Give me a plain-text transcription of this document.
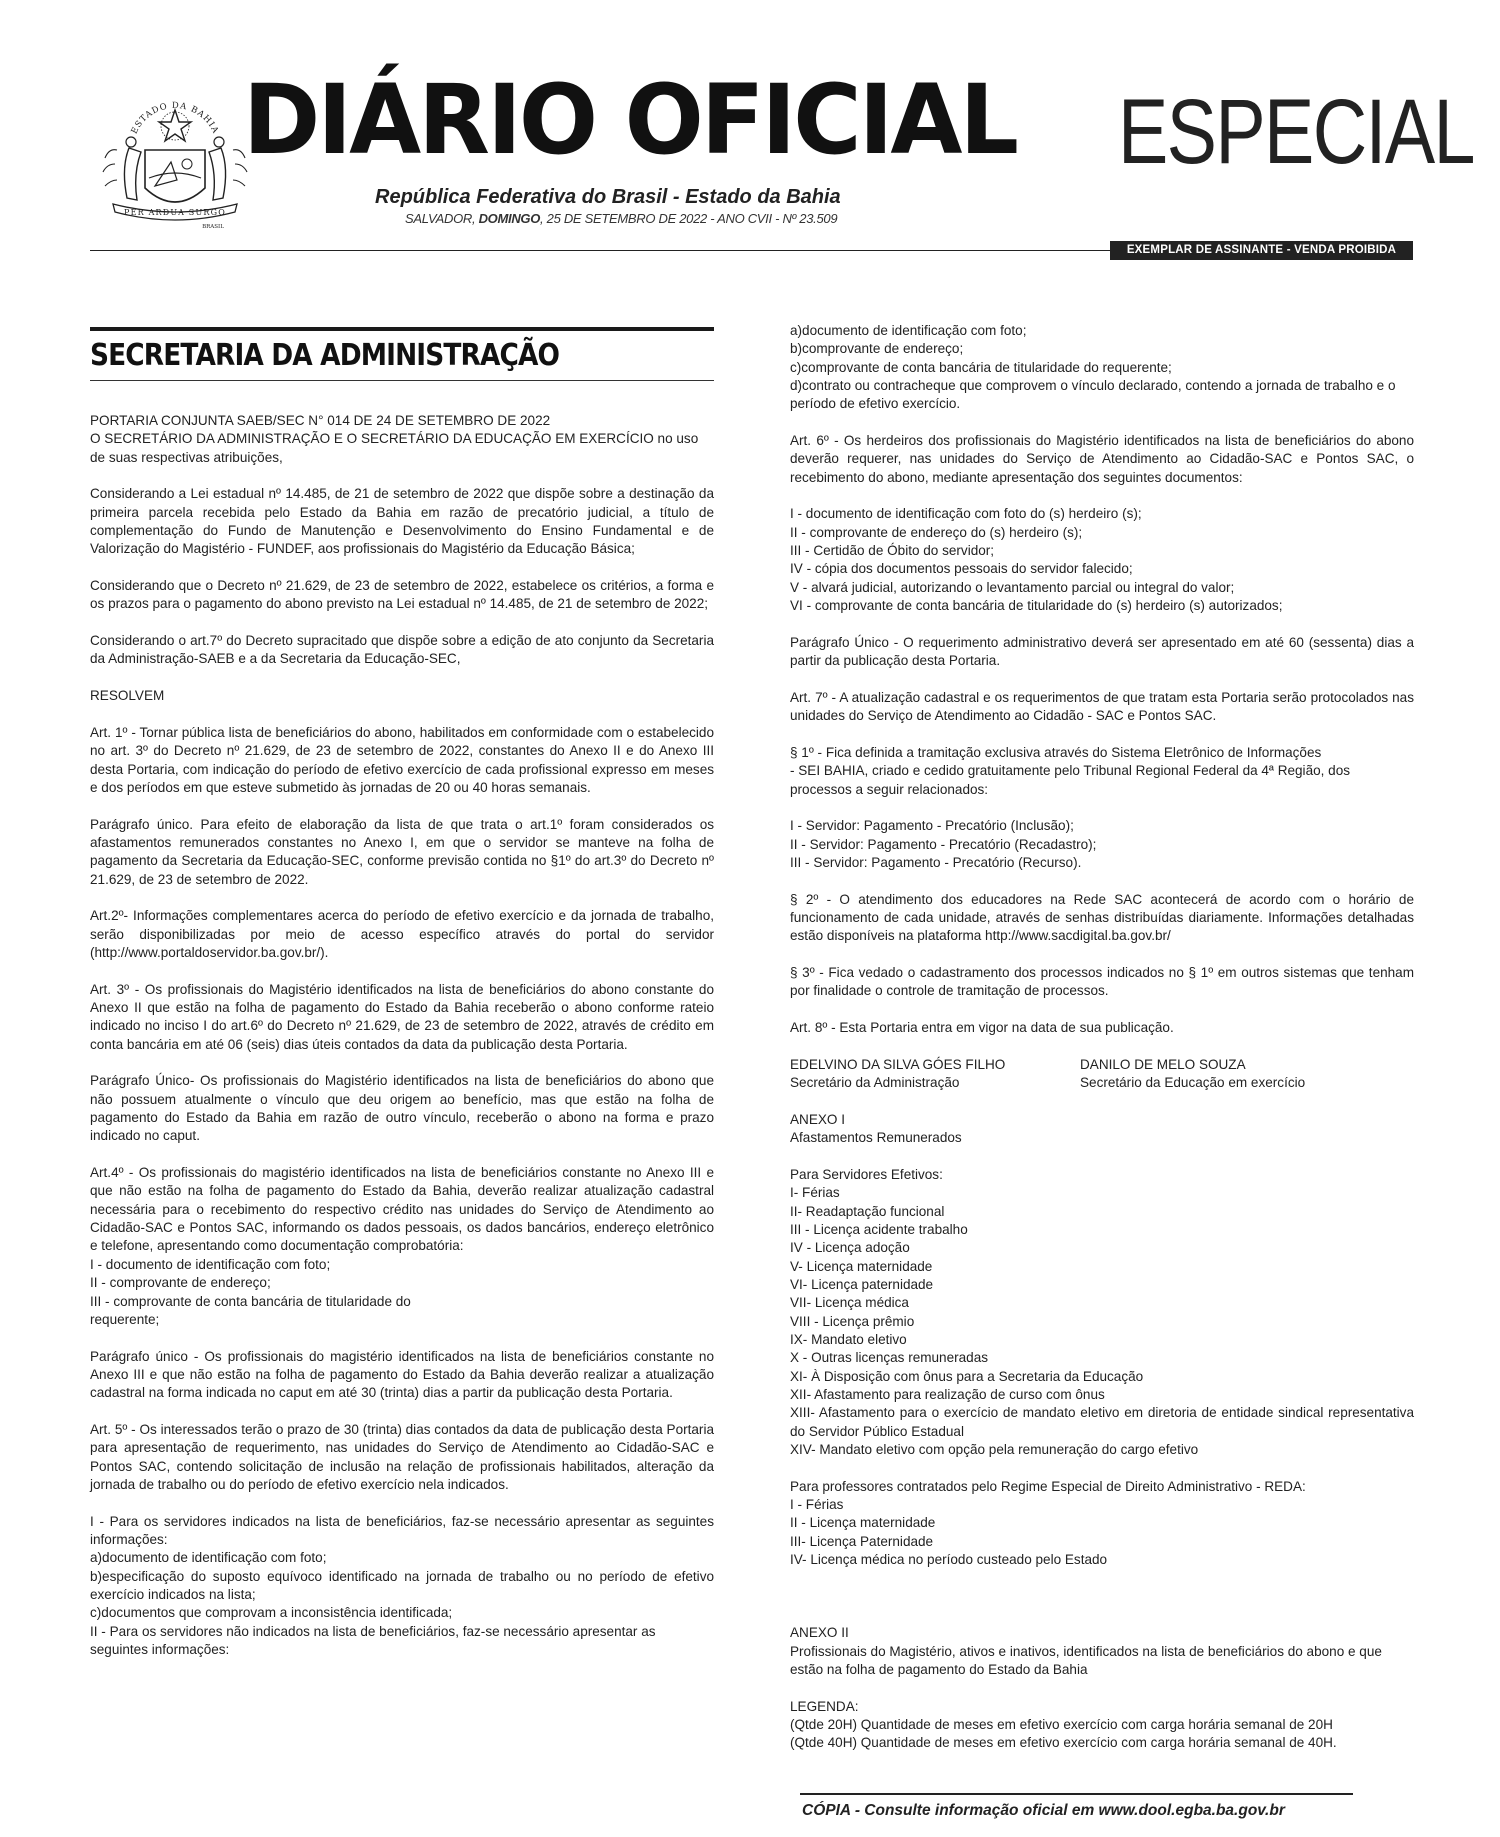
ESTADO DA BAHIA
PER ARDUA SURGO
BRASIL
DIÁRIO OFICIAL ESPECIAL
República Federativa do Brasil - Estado da Bahia
SALVADOR, DOMINGO, 25 DE SETEMBRO DE 2022 - ANO CVII - Nº 23.509
EXEMPLAR DE ASSINANTE - VENDA PROIBIDA
SECRETARIA DA ADMINISTRAÇÃO

PORTARIA CONJUNTA SAEB/SEC N° 014 DE 24 DE SETEMBRO DE 2022
O SECRETÁRIO DA ADMINISTRAÇÃO E O SECRETÁRIO DA EDUCAÇÃO EM EXERCÍCIO no uso de suas respectivas atribuições,

Considerando a Lei estadual nº 14.485, de 21 de setembro de 2022 que dispõe sobre a destinação da primeira parcela recebida pelo Estado da Bahia em razão de precatório judicial, a título de complementação do Fundo de Manutenção e Desenvolvimento do Ensino Fundamental e de Valorização do Magistério - FUNDEF, aos profissionais do Magistério da Educação Básica;

Considerando que o Decreto nº 21.629, de 23 de setembro de 2022, estabelece os critérios, a forma e os prazos para o pagamento do abono previsto na Lei estadual nº 14.485, de 21 de setembro de 2022;

Considerando o art.7º do Decreto supracitado que dispõe sobre a edição de ato conjunto da Secretaria da Administração-SAEB e a da Secretaria da Educação-SEC,

RESOLVEM

Art. 1º - Tornar pública lista de beneficiários do abono, habilitados em conformidade com o estabelecido no art. 3º do Decreto nº 21.629, de 23 de setembro de 2022, constantes do Anexo II e do Anexo III desta Portaria, com indicação do período de efetivo exercício de cada profissional expresso em meses e dos períodos em que esteve submetido às jornadas de 20 ou 40 horas semanais.

Parágrafo único. Para efeito de elaboração da lista de que trata o art.1º foram considerados os afastamentos remunerados constantes no Anexo I, em que o servidor se manteve na folha de pagamento da Secretaria da Educação-SEC, conforme previsão contida no §1º do art.3º do Decreto nº 21.629, de 23 de setembro de 2022.

Art.2º- Informações complementares acerca do período de efetivo exercício e da jornada de trabalho, serão disponibilizadas por meio de acesso específico através do portal do servidor (http://www.portaldoservidor.ba.gov.br/).

Art. 3º - Os profissionais do Magistério identificados na lista de beneficiários do abono constante do Anexo II que estão na folha de pagamento do Estado da Bahia receberão o abono conforme rateio indicado no inciso I do art.6º do Decreto nº 21.629, de 23 de setembro de 2022, através de crédito em conta bancária em até 06 (seis) dias úteis contados da data da publicação desta Portaria.

Parágrafo Único- Os profissionais do Magistério identificados na lista de beneficiários do abono que não possuem atualmente o vínculo que deu origem ao benefício, mas que estão na folha de pagamento do Estado da Bahia em razão de outro vínculo, receberão o abono na forma e prazo indicado no caput.

Art.4º - Os profissionais do magistério identificados na lista de beneficiários constante no Anexo III e que não estão na folha de pagamento do Estado da Bahia, deverão realizar atualização cadastral necessária para o recebimento do respectivo crédito nas unidades do Serviço de Atendimento ao Cidadão-SAC e Pontos SAC, informando os dados pessoais, os dados bancários, endereço eletrônico e telefone, apresentando como documentação comprobatória:
I - documento de identificação com foto;
II - comprovante de endereço;
III - comprovante de conta bancária de titularidade do
requerente;

Parágrafo único - Os profissionais do magistério identificados na lista de beneficiários constante no Anexo III e que não estão na folha de pagamento do Estado da Bahia deverão realizar a atualização cadastral na forma indicada no caput em até 30 (trinta) dias a partir da publicação desta Portaria.

Art. 5º - Os interessados terão o prazo de 30 (trinta) dias contados da data de publicação desta Portaria para apresentação de requerimento, nas unidades do Serviço de Atendimento ao Cidadão-SAC e Pontos SAC, contendo solicitação de inclusão na relação de profissionais habilitados, alteração da jornada de trabalho ou do período de efetivo exercício nela indicados.

I - Para os servidores indicados na lista de beneficiários, faz-se necessário apresentar as seguintes informações:
a)documento de identificação com foto;
b)especificação do suposto equívoco identificado na jornada de trabalho ou no período de efetivo exercício indicados na lista;
c)documentos que comprovam a inconsistência identificada;
II - Para os servidores não indicados na lista de beneficiários, faz-se necessário apresentar as seguintes informações:

a)documento de identificação com foto;
b)comprovante de endereço;
c)comprovante de conta bancária de titularidade do requerente;
d)contrato ou contracheque que comprovem o vínculo declarado, contendo a jornada de trabalho e o período de efetivo exercício.

Art. 6º - Os herdeiros dos profissionais do Magistério identificados na lista de beneficiários do abono deverão requerer, nas unidades do Serviço de Atendimento ao Cidadão-SAC e Pontos SAC, o recebimento do abono, mediante apresentação dos seguintes documentos:

I - documento de identificação com foto do (s) herdeiro (s);
II - comprovante de endereço do (s) herdeiro (s);
III - Certidão de Óbito do servidor;
IV - cópia dos documentos pessoais do servidor falecido;
V - alvará judicial, autorizando o levantamento parcial ou integral do valor;
VI - comprovante de conta bancária de titularidade do (s) herdeiro (s) autorizados;

Parágrafo Único - O requerimento administrativo deverá ser apresentado em até 60 (sessenta) dias a partir da publicação desta Portaria.

Art. 7º - A atualização cadastral e os requerimentos de que tratam esta Portaria serão protocolados nas unidades do Serviço de Atendimento ao Cidadão - SAC e Pontos SAC.

§ 1º - Fica definida a tramitação exclusiva através do Sistema Eletrônico de Informações
- SEI BAHIA, criado e cedido gratuitamente pelo Tribunal Regional Federal da 4ª Região, dos processos a seguir relacionados:

I - Servidor: Pagamento - Precatório (Inclusão);
II - Servidor: Pagamento - Precatório (Recadastro);
III - Servidor: Pagamento - Precatório (Recurso).

§ 2º - O atendimento dos educadores na Rede SAC acontecerá de acordo com o horário de funcionamento de cada unidade, através de senhas distribuídas diariamente. Informações detalhadas estão disponíveis na plataforma http://www.sacdigital.ba.gov.br/

§ 3º - Fica vedado o cadastramento dos processos indicados no § 1º em outros sistemas que tenham por finalidade o controle de tramitação de processos.

Art. 8º - Esta Portaria entra em vigor na data de sua publicação.

EDELVINO DA SILVA GÓES FILHO
Secretário da Administração
DANILO DE MELO SOUZA
Secretário da Educação em exercício

ANEXO I
Afastamentos Remunerados

Para Servidores Efetivos:
I- Férias
II- Readaptação funcional
III - Licença acidente trabalho
IV - Licença adoção
V- Licença maternidade
VI- Licença paternidade
VII- Licença médica
VIII - Licença prêmio
IX- Mandato eletivo
X - Outras licenças remuneradas
XI- À Disposição com ônus para a Secretaria da Educação
XII- Afastamento para realização de curso com ônus
XIII- Afastamento para o exercício de mandato eletivo em diretoria de entidade sindical representativa do Servidor Público Estadual
XIV- Mandato eletivo com opção pela remuneração do cargo efetivo

Para professores contratados pelo Regime Especial de Direito Administrativo - REDA:
I - Férias
II - Licença maternidade
III- Licença Paternidade
IV- Licença médica no período custeado pelo Estado

ANEXO II
Profissionais do Magistério, ativos e inativos, identificados na lista de beneficiários do abono e que estão na folha de pagamento do Estado da Bahia

LEGENDA:
(Qtde 20H) Quantidade de meses em efetivo exercício com carga horária semanal de 20H
(Qtde 40H) Quantidade de meses em efetivo exercício com carga horária semanal de 40H.

CÓPIA - Consulte informação oficial em www.dool.egba.ba.gov.br
